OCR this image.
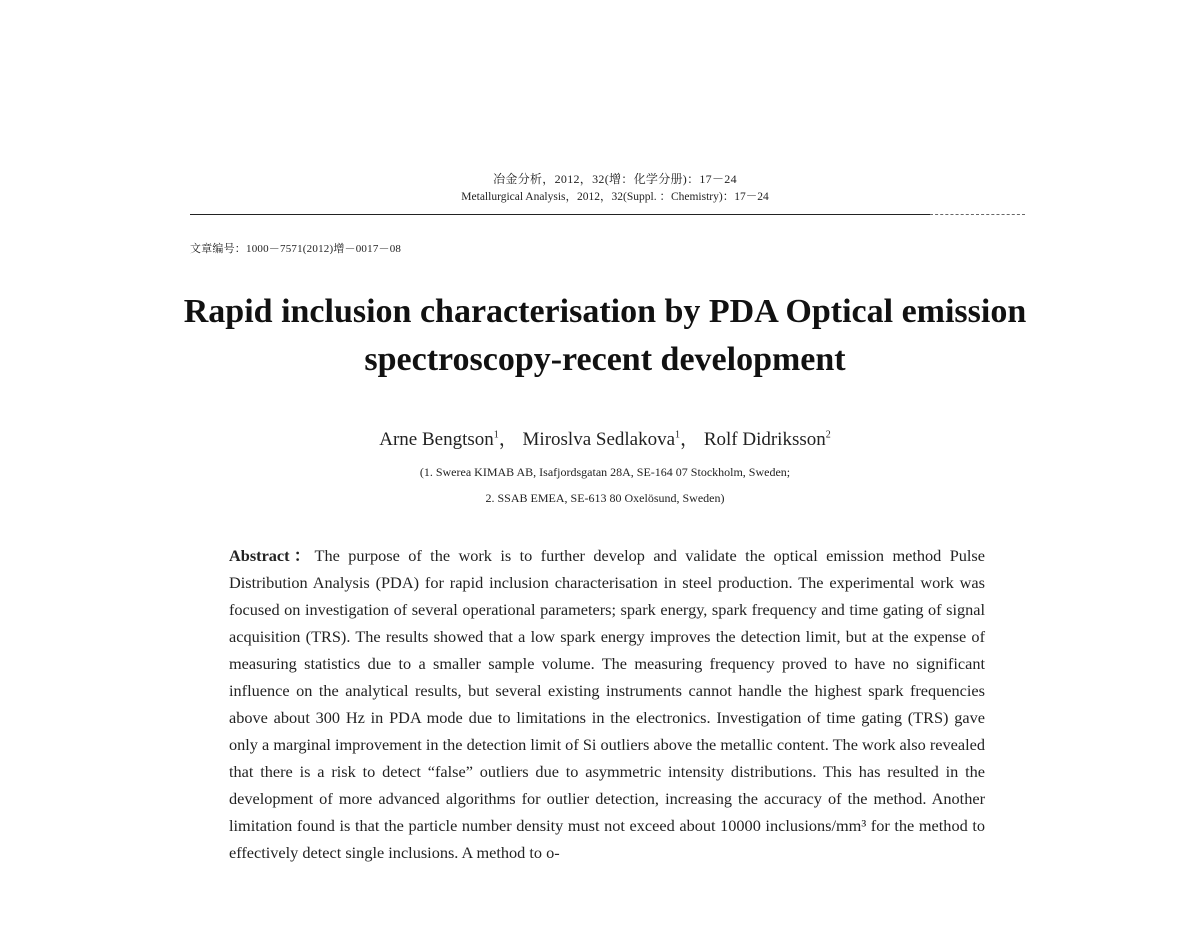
冶金分析，2012，32(增：化学分册)：17－24
Metallurgical Analysis，2012，32(Suppl. ：Chemistry)：17－24
文章编号：1000－7571(2012)增－0017－08
Rapid inclusion characterisation by PDA Optical emission spectroscopy-recent development
Arne Bengtson$^1$， Miroslva Sedlakova$^1$， Rolf Didriksson$^2$
(1. Swerea KIMAB AB, Isafjordsgatan 28A, SE-164 07 Stockholm, Sweden;
2. SSAB EMEA, SE-613 80 Oxelösund, Sweden)
Abstract：The purpose of the work is to further develop and validate the optical emission method Pulse Distribution Analysis (PDA) for rapid inclusion characterisation in steel production. The experimental work was focused on investigation of several operational parameters; spark energy, spark frequency and time gating of signal acquisition (TRS). The results showed that a low spark energy improves the detection limit, but at the expense of measuring statistics due to a smaller sample volume. The measuring frequency proved to have no significant influence on the analytical results, but several existing instruments cannot handle the highest spark frequencies above about 300 Hz in PDA mode due to limitations in the electronics. Investigation of time gating (TRS) gave only a marginal improvement in the detection limit of Si outliers above the metallic content. The work also revealed that there is a risk to detect “false” outliers due to asymmetric intensity distributions. This has resulted in the development of more advanced algorithms for outlier detection, increasing the accuracy of the method. Another limitation found is that the particle number density must not exceed about 10000 inclusions/mm³ for the method to effectively detect single inclusions. A method to o-
